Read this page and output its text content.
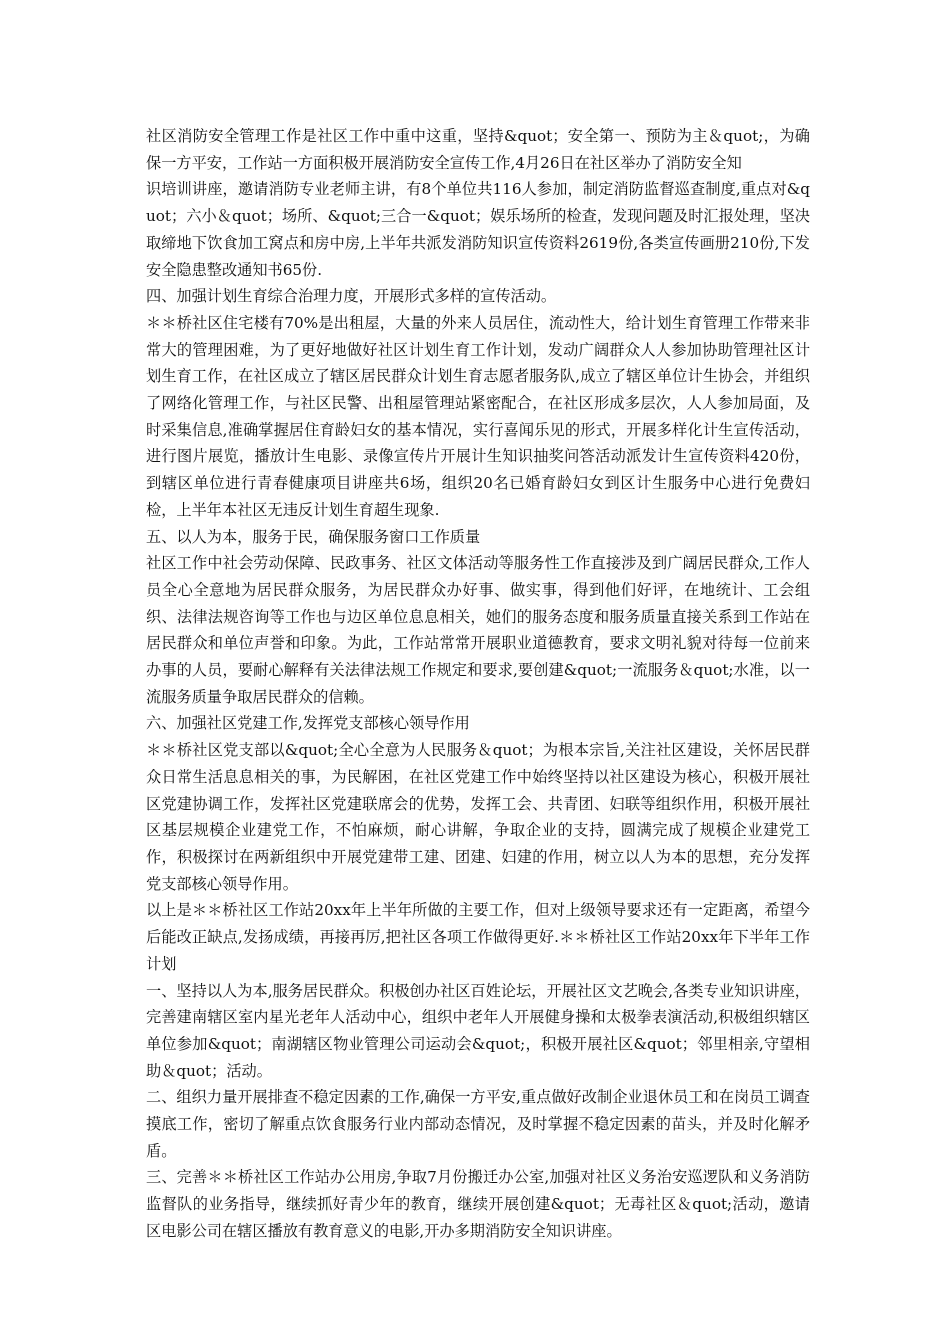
社区消防安全管理工作是社区工作中重中这重，坚持&quot；安全第一、预防为主＆quot;，为确保一方平安，工作站一方面积极开展消防安全宣传工作,4月26日在社区举办了消防安全知

识培训讲座，邀请消防专业老师主讲，有8个单位共116人参加，制定消防监督巡查制度,重点对&quot；六小＆quot；场所、&quot;三合一&quot；娱乐场所的检查，发现问题及时汇报处理，坚决取缔地下饮食加工窝点和房中房,上半年共派发消防知识宣传资料2619份,各类宣传画册210份,下发安全隐患整改通知书65份.

四、加强计划生育综合治理力度，开展形式多样的宣传活动。

＊＊桥社区住宅楼有70%是出租屋，大量的外来人员居住，流动性大，给计划生育管理工作带来非常大的管理困难，为了更好地做好社区计划生育工作计划，发动广阔群众人人参加协助管理社区计划生育工作，在社区成立了辖区居民群众计划生育志愿者服务队,成立了辖区单位计生协会，并组织了网络化管理工作，与社区民警、出租屋管理站紧密配合，在社区形成多层次，人人参加局面，及时采集信息,准确掌握居住育龄妇女的基本情况，实行喜闻乐见的形式，开展多样化计生宣传活动，进行图片展览，播放计生电影、录像宣传片开展计生知识抽奖问答活动派发计生宣传资料420份，到辖区单位进行青春健康项目讲座共6场，组织20名已婚育龄妇女到区计生服务中心进行免费妇检，上半年本社区无违反计划生育超生现象.

五、以人为本，服务于民，确保服务窗口工作质量

社区工作中社会劳动保障、民政事务、社区文体活动等服务性工作直接涉及到广阔居民群众,工作人员全心全意地为居民群众服务，为居民群众办好事、做实事，得到他们好评，在地统计、工会组织、法律法规咨询等工作也与边区单位息息相关，她们的服务态度和服务质量直接关系到工作站在居民群众和单位声誉和印象。为此，工作站常常开展职业道德教育，要求文明礼貌对待每一位前来办事的人员，要耐心解释有关法律法规工作规定和要求,要创建&quot;一流服务＆quot;水准，以一流服务质量争取居民群众的信赖。

六、加强社区党建工作,发挥党支部核心领导作用

＊＊桥社区党支部以&quot;全心全意为人民服务＆quot；为根本宗旨,关注社区建设，关怀居民群众日常生活息息相关的事，为民解困，在社区党建工作中始终坚持以社区建设为核心，积极开展社区党建协调工作，发挥社区党建联席会的优势，发挥工会、共青团、妇联等组织作用，积极开展社区基层规模企业建党工作，不怕麻烦，耐心讲解，争取企业的支持，圆满完成了规模企业建党工作，积极探讨在两新组织中开展党建带工建、团建、妇建的作用，树立以人为本的思想，充分发挥党支部核心领导作用。

以上是＊＊桥社区工作站20xx年上半年所做的主要工作，但对上级领导要求还有一定距离，希望今后能改正缺点,发扬成绩，再接再厉,把社区各项工作做得更好.＊＊桥社区工作站20xx年下半年工作计划

一、坚持以人为本,服务居民群众。积极创办社区百姓论坛，开展社区文艺晚会,各类专业知识讲座，完善建南辖区室内星光老年人活动中心，组织中老年人开展健身操和太极拳表演活动,积极组织辖区单位参加&quot；南湖辖区物业管理公司运动会&quot;，积极开展社区&quot；邻里相亲,守望相助＆quot；活动。

二、组织力量开展排查不稳定因素的工作,确保一方平安,重点做好改制企业退休员工和在岗员工调查摸底工作，密切了解重点饮食服务行业内部动态情况，及时掌握不稳定因素的苗头，并及时化解矛盾。

三、完善＊＊桥社区工作站办公用房,争取7月份搬迁办公室,加强对社区义务治安巡逻队和义务消防监督队的业务指导，继续抓好青少年的教育，继续开展创建&quot；无毒社区＆quot;活动，邀请区电影公司在辖区播放有教育意义的电影,开办多期消防安全知识讲座。
